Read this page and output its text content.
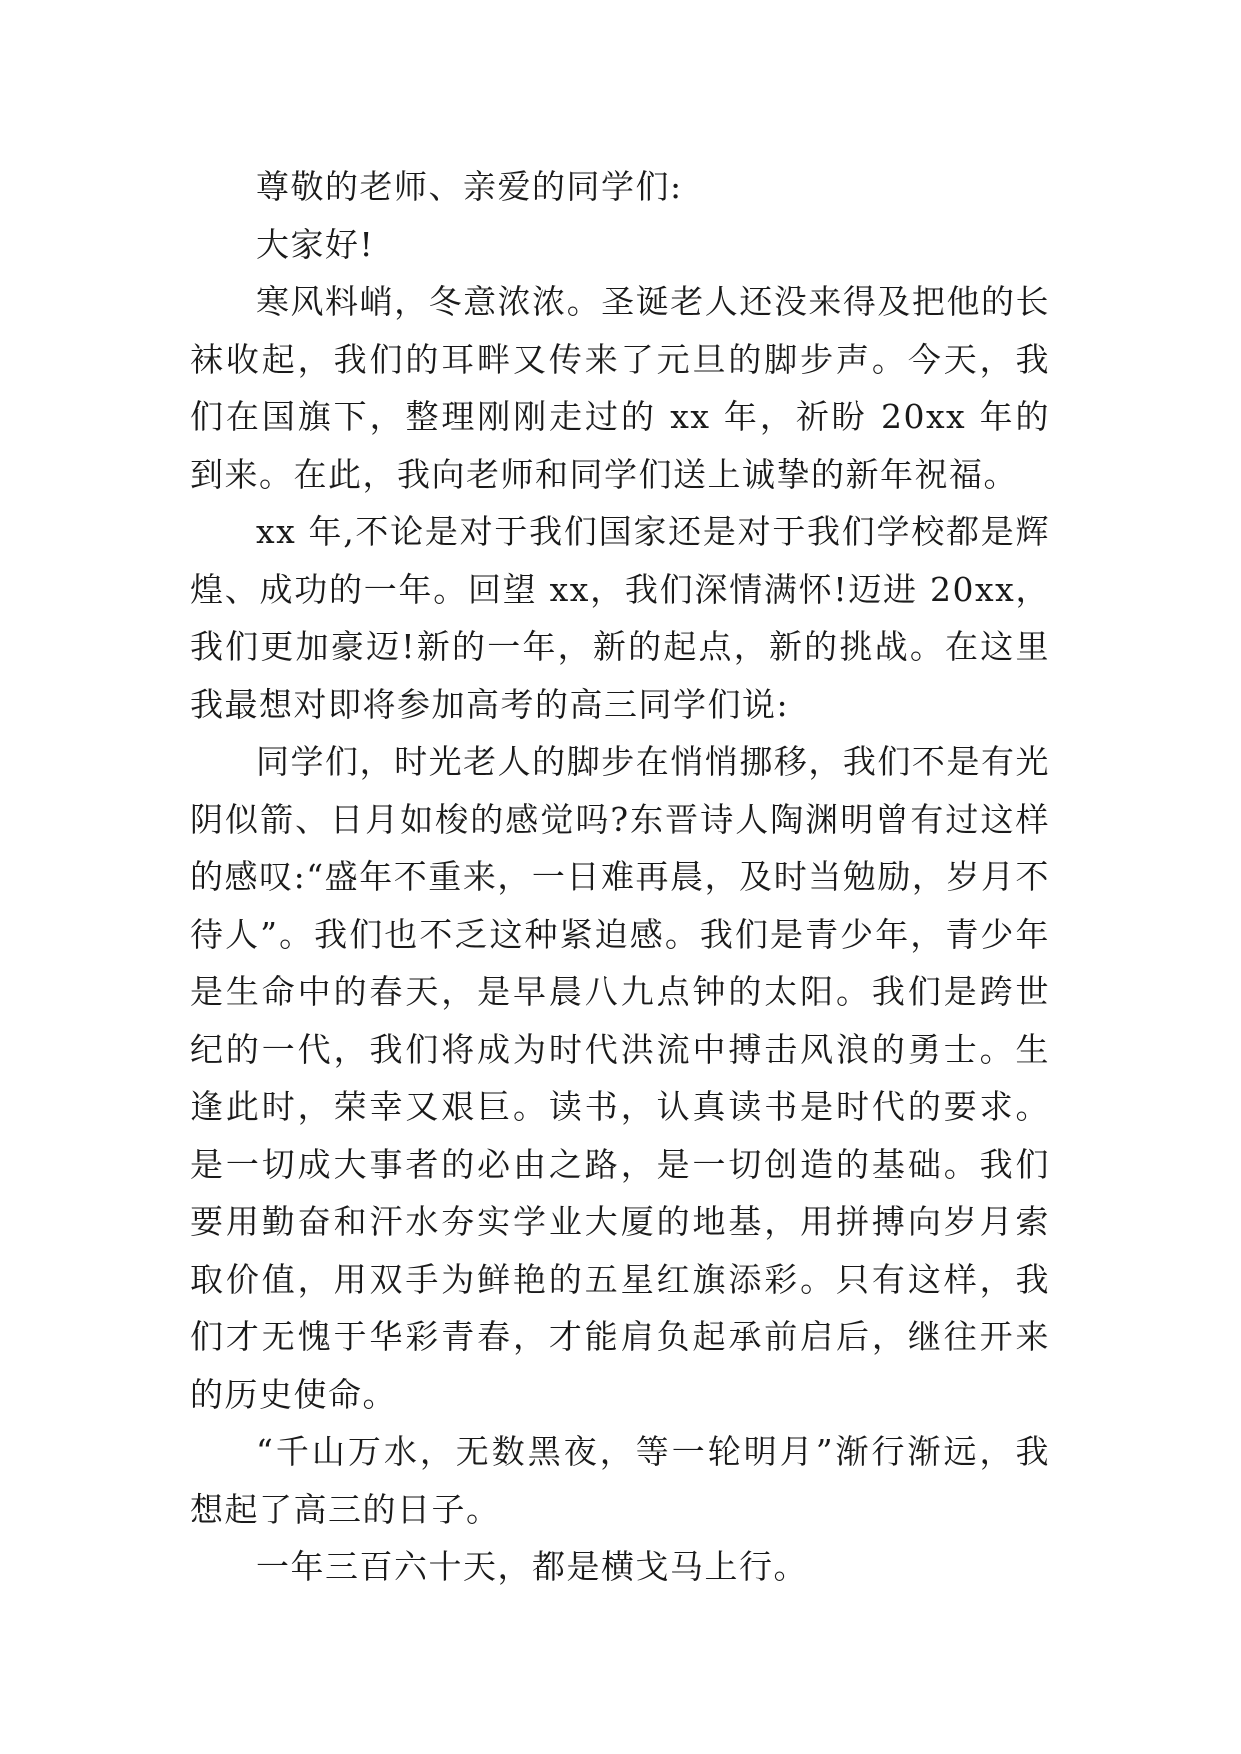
尊敬的老师、亲爱的同学们:

大家好!

寒风料峭，冬意浓浓。圣诞老人还没来得及把他的长袜收起，我们的耳畔又传来了元旦的脚步声。今天，我们在国旗下，整理刚刚走过的 xx 年，祈盼 20xx 年的到来。在此，我向老师和同学们送上诚挚的新年祝福。

xx 年,不论是对于我们国家还是对于我们学校都是辉煌、成功的一年。回望 xx，我们深情满怀!迈进 20xx，我们更加豪迈!新的一年，新的起点，新的挑战。在这里我最想对即将参加高考的高三同学们说:

同学们，时光老人的脚步在悄悄挪移，我们不是有光阴似箭、日月如梭的感觉吗?东晋诗人陶渊明曾有过这样的感叹:“盛年不重来，一日难再晨，及时当勉励，岁月不待人”。我们也不乏这种紧迫感。我们是青少年，青少年是生命中的春天，是早晨八九点钟的太阳。我们是跨世纪的一代，我们将成为时代洪流中搏击风浪的勇士。生逢此时，荣幸又艰巨。读书，认真读书是时代的要求。是一切成大事者的必由之路，是一切创造的基础。我们要用勤奋和汗水夯实学业大厦的地基，用拼搏向岁月索取价值，用双手为鲜艳的五星红旗添彩。只有这样，我们才无愧于华彩青春，才能肩负起承前启后，继往开来的历史使命。

“千山万水，无数黑夜，等一轮明月”渐行渐远，我想起了高三的日子。

一年三百六十天，都是横戈马上行。
